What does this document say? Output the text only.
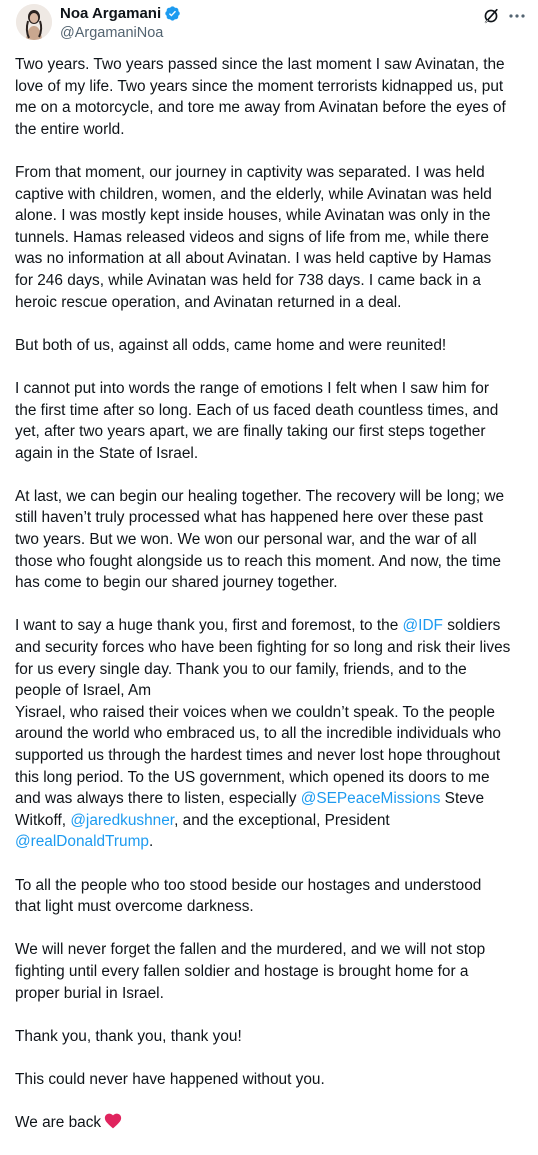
Noa Argamani
@ArgamaniNoa

Two years. Two years passed since the last moment I saw Avinatan, the
love of my life. Two years since the moment terrorists kidnapped us, put
me on a motorcycle, and tore me away from Avinatan before the eyes of
the entire world.

From that moment, our journey in captivity was separated. I was held
captive with children, women, and the elderly, while Avinatan was held
alone. I was mostly kept inside houses, while Avinatan was only in the
tunnels. Hamas released videos and signs of life from me, while there
was no information at all about Avinatan. I was held captive by Hamas
for 246 days, while Avinatan was held for 738 days. I came back in a
heroic rescue operation, and Avinatan returned in a deal.

But both of us, against all odds, came home and were reunited!

I cannot put into words the range of emotions I felt when I saw him for
the first time after so long. Each of us faced death countless times, and
yet, after two years apart, we are finally taking our first steps together
again in the State of Israel.

At last, we can begin our healing together. The recovery will be long; we
still haven’t truly processed what has happened here over these past
two years. But we won. We won our personal war, and the war of all
those who fought alongside us to reach this moment. And now, the time
has come to begin our shared journey together.

I want to say a huge thank you, first and foremost, to the @IDF soldiers
and security forces who have been fighting for so long and risk their lives
for us every single day. Thank you to our family, friends, and to the
people of Israel, Am
Yisrael, who raised their voices when we couldn’t speak. To the people
around the world who embraced us, to all the incredible individuals who
supported us through the hardest times and never lost hope throughout
this long period. To the US government, which opened its doors to me
and was always there to listen, especially @SEPeaceMissions Steve
Witkoff, @jaredkushner, and the exceptional, President
@realDonaldTrump.

To all the people who too stood beside our hostages and understood
that light must overcome darkness.

We will never forget the fallen and the murdered, and we will not stop
fighting until every fallen soldier and hostage is brought home for a
proper burial in Israel.

Thank you, thank you, thank you!

This could never have happened without you.

We are back
